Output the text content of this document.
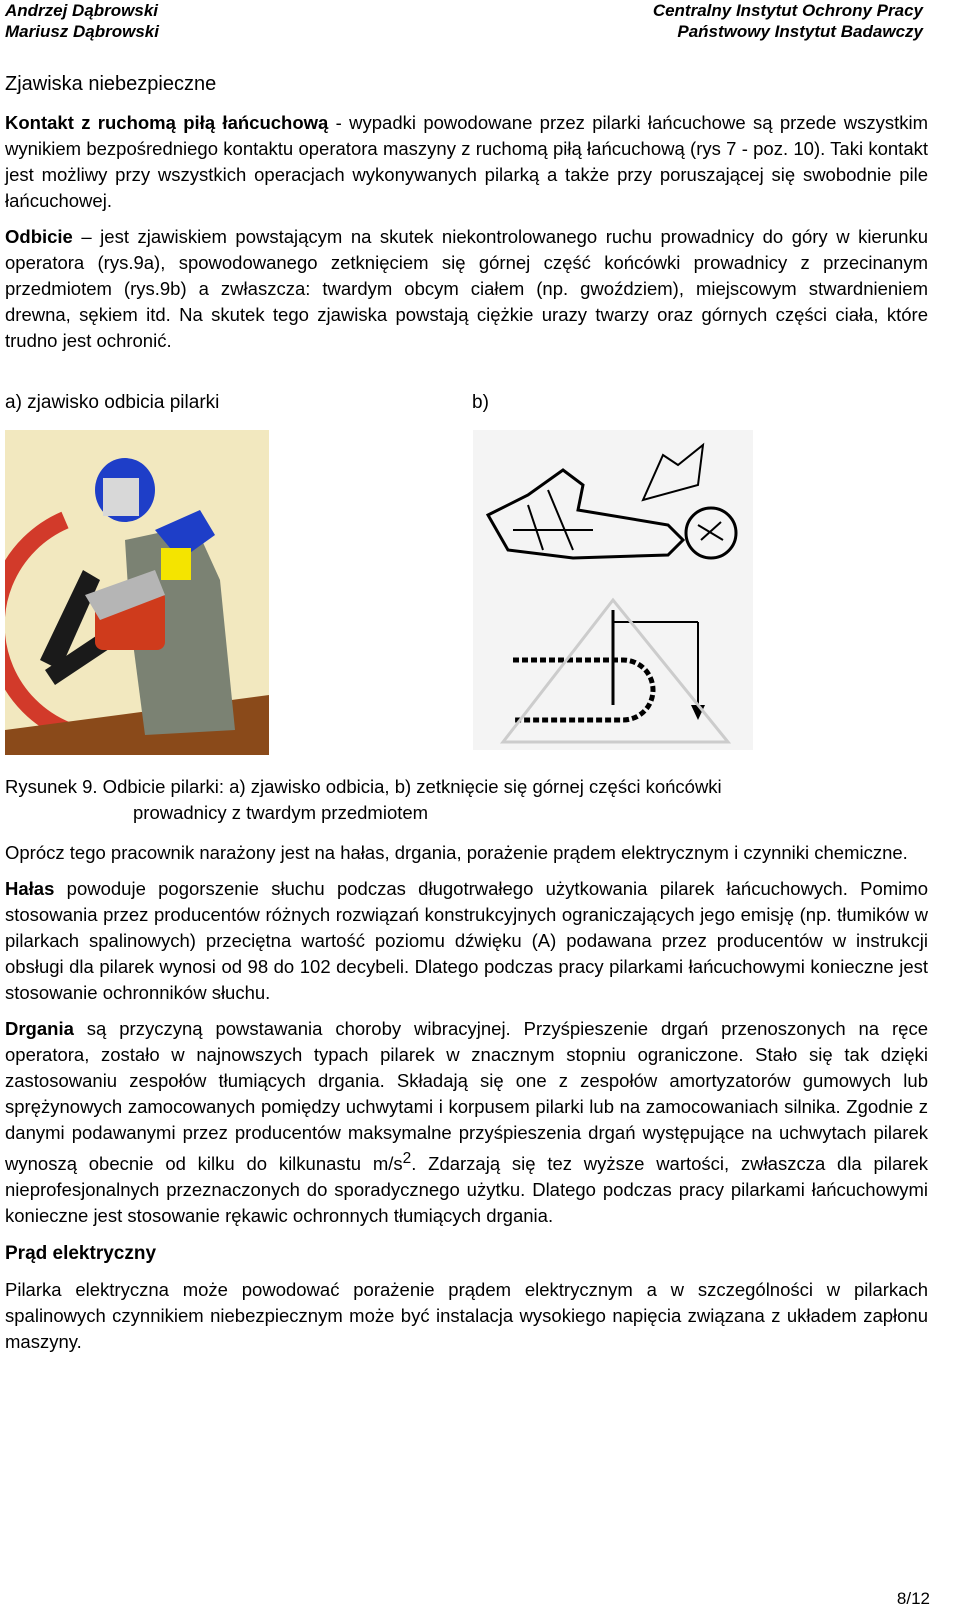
Andrzej Dąbrowski
Mariusz Dąbrowski
Centralny Instytut Ochrony Pracy
Państwowy Instytut Badawczy
Zjawiska niebezpieczne

Kontakt z ruchomą piłą łańcuchową - wypadki powodowane przez pilarki łańcuchowe są przede wszystkim wynikiem bezpośredniego kontaktu operatora maszyny z ruchomą piłą łańcuchową (rys 7 - poz. 10). Taki kontakt jest możliwy przy wszystkich operacjach wykonywanych pilarką a także przy poruszającej się swobodnie pile łańcuchowej.

Odbicie – jest zjawiskiem powstającym na skutek niekontrolowanego ruchu prowadnicy do góry w kierunku operatora (rys.9a), spowodowanego zetknięciem się górnej część końcówki prowadnicy z przecinanym przedmiotem (rys.9b) a zwłaszcza: twardym obcym ciałem (np. gwoździem), miejscowym stwardnieniem drewna, sękiem itd. Na skutek tego zjawiska powstają ciężkie urazy twarzy oraz górnych części ciała, które trudno jest ochronić.

a) zjawisko odbicia pilarki	b)
Rysunek 9. Odbicie pilarki: a) zjawisko odbicia, b) zetknięcie się górnej części końcówki
prowadnicy z twardym przedmiotem

Oprócz tego pracownik narażony jest na hałas, drgania, porażenie prądem elektrycznym i czynniki chemiczne.

Hałas powoduje pogorszenie słuchu podczas długotrwałego użytkowania pilarek łańcuchowych. Pomimo stosowania przez producentów różnych rozwiązań konstrukcyjnych ograniczających jego emisję (np. tłumików w pilarkach spalinowych) przeciętna wartość poziomu dźwięku (A) podawana przez producentów w instrukcji obsługi dla pilarek wynosi od 98 do 102 decybeli. Dlatego podczas pracy pilarkami łańcuchowymi konieczne jest stosowanie ochronników słuchu.

Drgania są przyczyną powstawania choroby wibracyjnej. Przyśpieszenie drgań przenoszonych na ręce operatora, zostało w najnowszych typach pilarek w znacznym stopniu ograniczone. Stało się tak dzięki zastosowaniu zespołów tłumiących drgania. Składają się one z zespołów amortyzatorów gumowych lub sprężynowych zamocowanych pomiędzy uchwytami i korpusem pilarki lub na zamocowaniach silnika. Zgodnie z danymi podawanymi przez producentów maksymalne przyśpieszenia drgań występujące na uchwytach pilarek wynoszą obecnie od kilku do kilkunastu $m/s^2$. Zdarzają się tez wyższe wartości, zwłaszcza dla pilarek nieprofesjonalnych przeznaczonych do sporadycznego użytku. Dlatego podczas pracy pilarkami łańcuchowymi konieczne jest stosowanie rękawic ochronnych tłumiących drgania.

Prąd elektryczny

Pilarka elektryczna może powodować porażenie prądem elektrycznym a w szczególności w pilarkach spalinowych czynnikiem niebezpiecznym może być instalacja wysokiego napięcia związana z układem zapłonu maszyny.

8/12
